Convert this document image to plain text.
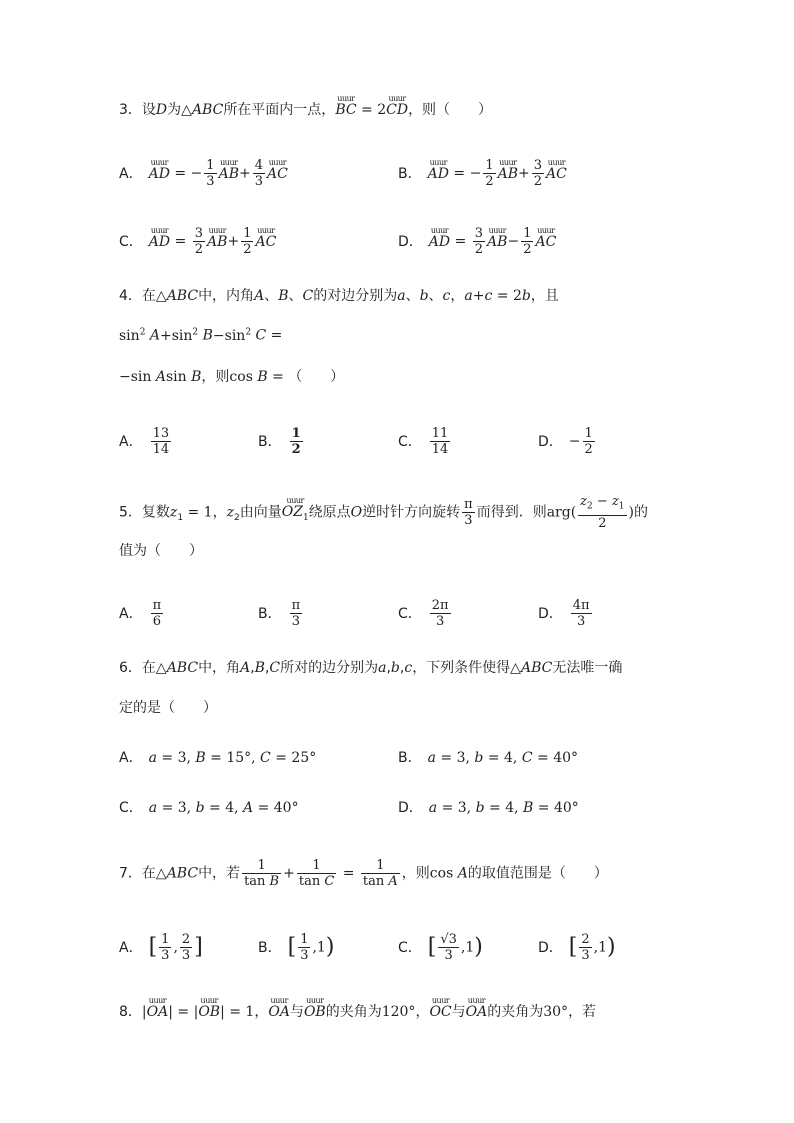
3．设D为△ABC所在平面内一点，uuur BC = 2uuur CD，则（　　）
A． uuur AD = − $\frac{1}{3}$ uuur $AB+ \frac{4}{3}$ uuur AC	B． uuur AD = − $\frac{1}{2}$ uuur $AB+ \frac{3}{2}$ uuur AC
C． uuur AD = $\frac{3}{2}$ uuur $AB+ \frac{1}{2}$ uuur AC	D． uuur AD = $\frac{3}{2}$ uuur $AB- \frac{1}{2}$ uuur AC
4．在△ABC中，内角A、B、C的对边分别为a、b、c，a+c = 2b，且
$\sin^2 A+\sin^2$ $B-\sin^2$ C =
−sin Asin B，则cos B = （　　）
A． $\frac{13}{14}$	B． $\frac{1}{2}$	C． $\frac{11}{14}$	D． − $\frac{1}{2}$
5．复数$z_1 = 1$，$z_2$由向量uuur $OZ_1$绕原点O逆时针方向旋转 $\frac{\pi}{3}$ 而得到．则$arg( \frac{z_2 - z_1}{2}$ )的
值为（　　）
A． $\frac{\pi}{6}$	B． $\frac{\pi}{3}$	C． $\frac{2\pi}{3}$	D． $\frac{4\pi}{3}$
6．在△ABC中，角A,B,C所对的边分别为a,b,c，下列条件使得△ABC无法唯一确
定的是（　　）
A． a = 3, B = 15°, C = 25°	B． a = 3, b = 4, C = 40°
C． a = 3, b = 4, A = 40°	D． a = 3, b = 4, B = 40°
7．在△ABC中，若 $\frac{1}{\text{tan B}} + \frac{1}{\text{tan C}} = \frac{1}{\text{tan A}}$ ，则cos A的取值范围是（　　）
A． [ $\frac{1}{3}$ , $\frac{2}{3}$ ]	B． [ $\frac{1}{3} ,1$)	C． [ $\frac{√3}{3} ,1$)	D． [ $\frac{2}{3} ,1$)
8．|uuur OA| = |uuur OB| = 1，uuur OA与uuur OB的夹角为120°，uuur OC与uuur OA的夹角为30°，若
